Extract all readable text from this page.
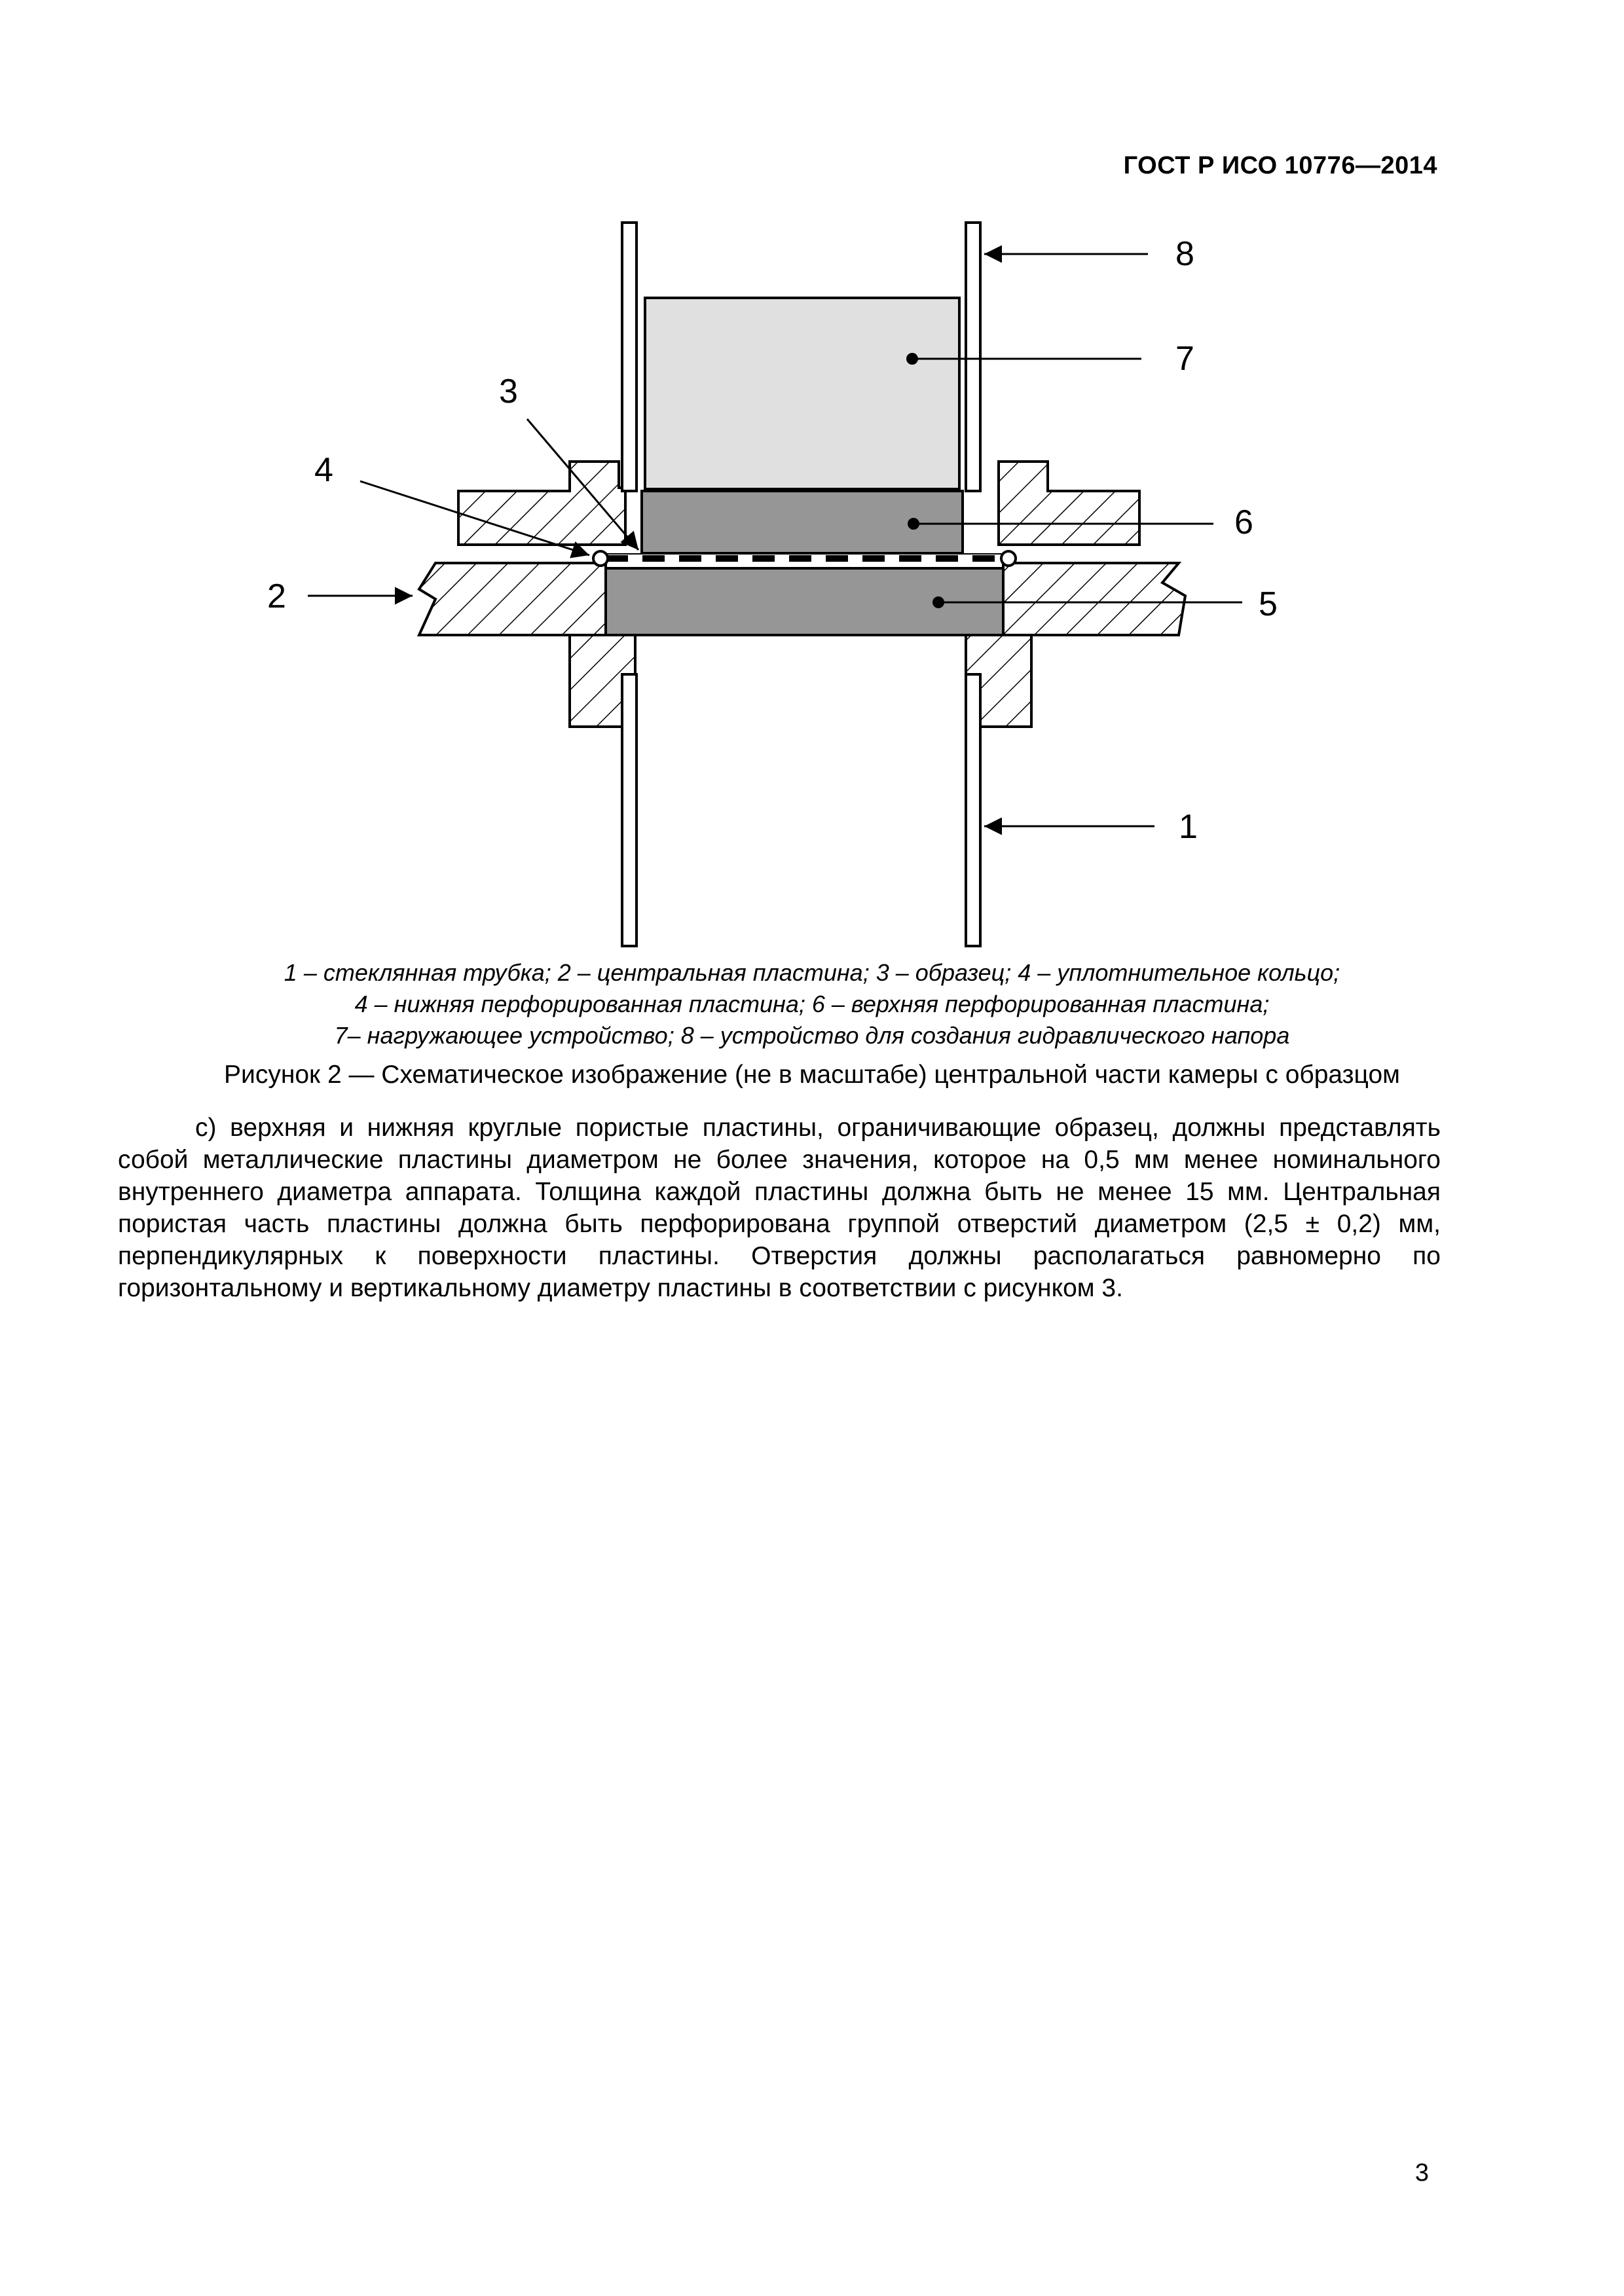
ГОСТ Р ИСО 10776—2014
8
7
3
4
6
2	5
1
1 – стеклянная трубка; 2 – центральная пластина; 3 – образец; 4 – уплотнительное кольцо;
4 – нижняя перфорированная пластина; 6 – верхняя перфорированная пластина;
7– нагружающее устройство; 8 – устройство для создания гидравлического напора
Рисунок 2 — Схематическое изображение (не в масштабе) центральной части камеры с образцом
с) верхняя и нижняя круглые пористые пластины, ограничивающие образец, должны представлять собой металлические пластины диаметром не более значения, которое на 0,5 мм менее номинального внутреннего диаметра аппарата. Толщина каждой пластины должна быть не менее 15 мм. Центральная пористая часть пластины должна быть перфорирована группой отверстий диаметром (2,5 ± 0,2) мм, перпендикулярных к поверхности пластины. Отверстия должны располагаться равномерно по горизонтальному и вертикальному диаметру пластины в соответствии с рисунком 3.
3
